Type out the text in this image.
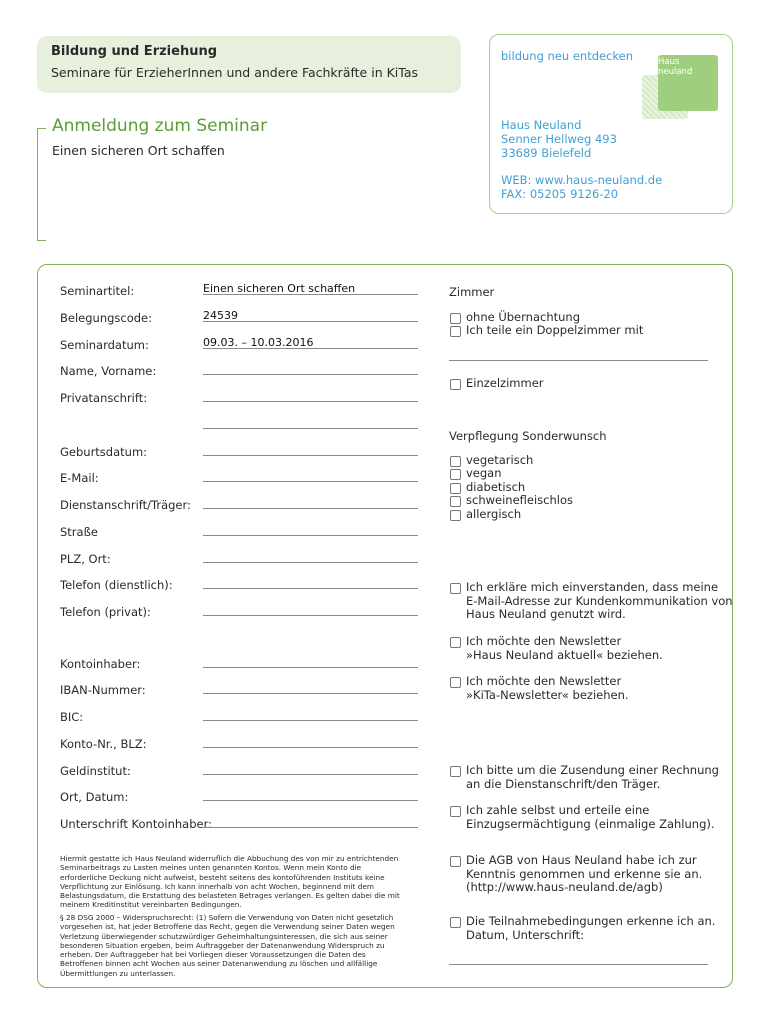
Bildung und Erziehung
Seminare für ErzieherInnen und andere Fachkräfte in KiTas
Anmeldung zum Seminar
Einen sicheren Ort schaffen
bildung neu entdecken	Haus neuland
Haus Neuland
Senner Hellweg 493
33689 Bielefeld
WEB: www.haus-neuland.de
FAX: 05205 9126-20
Seminartitel:	Einen sicheren Ort schaffen
Belegungscode:	24539
Seminardatum:	09.03. – 10.03.2016
Name, Vorname:
Privatanschrift:
Geburtsdatum:
E-Mail:
Dienstanschrift/Träger:
Straße
PLZ, Ort:
Telefon (dienstlich):
Telefon (privat):
Kontoinhaber:
IBAN-Nummer:
BIC:
Konto-Nr., BLZ:
Geldinstitut:
Ort, Datum:
Unterschrift Kontoinhaber:
Hiermit gestatte ich Haus Neuland widerruflich die Abbuchung des von mir zu entrichtenden Seminarbeitrags zu Lasten meines unten genannten Kontos. Wenn mein Konto die erforderliche Deckung nicht aufweist, besteht seitens des kontoführenden Instituts keine Verpflichtung zur Einlösung. Ich kann innerhalb von acht Wochen, beginnend mit dem Belastungsdatum, die Erstattung des belasteten Betrages verlangen. Es gelten dabei die mit meinem Kreditinstitut vereinbarten Bedingungen.
§ 28 DSG 2000 – Widerspruchsrecht: (1) Sofern die Verwendung von Daten nicht gesetzlich vorgesehen ist, hat jeder Betroffene das Recht, gegen die Verwendung seiner Daten wegen Verletzung überwiegender schutzwürdiger Geheimhaltungsinteressen, die sich aus seiner besonderen Situation ergeben, beim Auftraggeber der Datenanwendung Widerspruch zu erheben. Der Auftraggeber hat bei Vorliegen dieser Voraussetzungen die Daten des Betroffenen binnen acht Wochen aus seiner Datenanwendung zu löschen und allfällige Übermittlungen zu unterlassen.
Zimmer
Verpflegung Sonderwunsch
ohne Übernachtung
Ich teile ein Doppelzimmer mit
Einzelzimmer
vegetarisch
vegan
diabetisch
schweinefleischlos
allergisch
Ich erkläre mich einverstanden, dass meine
E-Mail-Adresse zur Kundenkommunikation von
Haus Neuland genutzt wird.
Ich möchte den Newsletter
»Haus Neuland aktuell« beziehen.
Ich möchte den Newsletter
»KiTa-Newsletter« beziehen.
Ich bitte um die Zusendung einer Rechnung
an die Dienstanschrift/den Träger.
Ich zahle selbst und erteile eine
Einzugsermächtigung (einmalige Zahlung).
Die AGB von Haus Neuland habe ich zur
Kenntnis genommen und erkenne sie an.
(http://www.haus-neuland.de/agb)
Die Teilnahmebedingungen erkenne ich an.
Datum, Unterschrift:
